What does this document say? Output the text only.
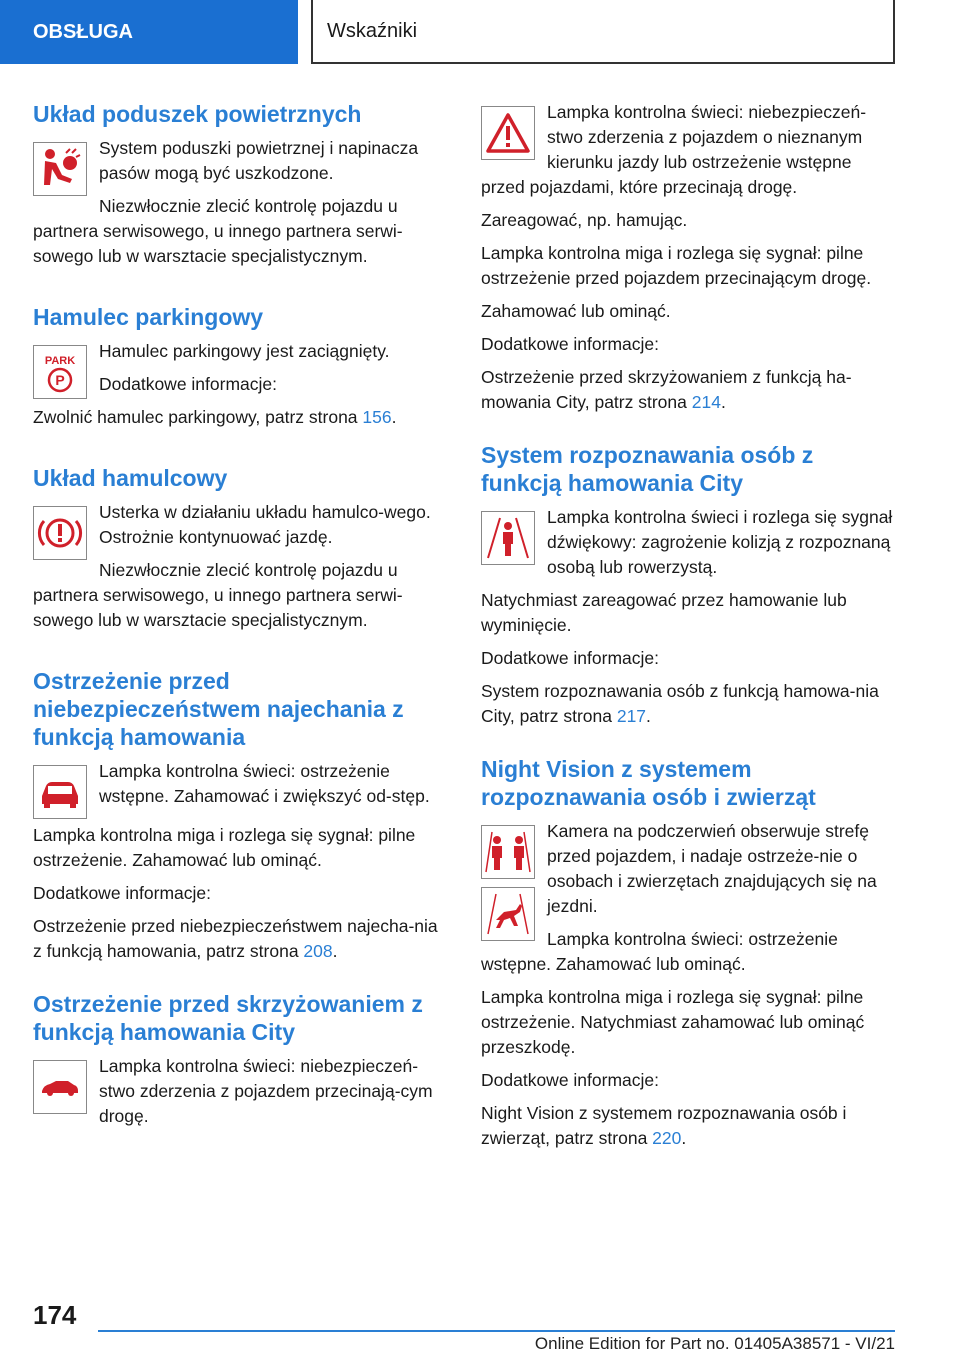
OBSŁUGA	Wskaźniki
Układ poduszek powietrznych

System poduszki powietrznej i napinacza pasów mogą być uszkodzone.

Niezwłocznie zlecić kontrolę pojazdu u partnera serwisowego, u innego partnera serwi-sowego lub w warsztacie specjalistycznym.

Hamulec parkingowy
PARK
P

Hamulec parkingowy jest zaciągnięty.

Dodatkowe informacje:

Zwolnić hamulec parkingowy, patrz strona 156.

Układ hamulcowy

Usterka w działaniu układu hamulco-wego. Ostrożnie kontynuować jazdę.

Niezwłocznie zlecić kontrolę pojazdu u partnera serwisowego, u innego partnera serwi-sowego lub w warsztacie specjalistycznym.

Ostrzeżenie przed niebezpieczeństwem najechania z funkcją hamowania

Lampka kontrolna świeci: ostrzeżenie wstępne. Zahamować i zwiększyć od-stęp.

Lampka kontrolna miga i rozlega się sygnał: pilne ostrzeżenie. Zahamować lub ominąć.

Dodatkowe informacje:

Ostrzeżenie przed niebezpieczeństwem najecha-nia z funkcją hamowania, patrz strona 208.

Ostrzeżenie przed skrzyżowaniem z funkcją hamowania City

Lampka kontrolna świeci: niebezpieczeń-stwo zderzenia z pojazdem przecinają-cym drogę.

Lampka kontrolna świeci: niebezpieczeń-stwo zderzenia z pojazdem o nieznanym kierunku jazdy lub ostrzeżenie wstępne przed pojazdami, które przecinają drogę.

Zareagować, np. hamując.

Lampka kontrolna miga i rozlega się sygnał: pilne ostrzeżenie przed pojazdem przecinającym drogę.

Zahamować lub ominąć.

Dodatkowe informacje:

Ostrzeżenie przed skrzyżowaniem z funkcją ha-mowania City, patrz strona 214.

System rozpoznawania osób z funkcją hamowania City

Lampka kontrolna świeci i rozlega się sygnał dźwiękowy: zagrożenie kolizją z rozpoznaną osobą lub rowerzystą.

Natychmiast zareagować przez hamowanie lub wyminięcie.

Dodatkowe informacje:

System rozpoznawania osób z funkcją hamowa-nia City, patrz strona 217.

Night Vision z systemem rozpoznawania osób i zwierząt

Kamera na podczerwień obserwuje strefę przed pojazdem, i nadaje ostrzeże-nie o osobach i zwierzętach znajdujących się na jezdni.

Lampka kontrolna świeci: ostrzeżenie wstępne. Zahamować lub ominąć.

Lampka kontrolna miga i rozlega się sygnał: pilne ostrzeżenie. Natychmiast zahamować lub ominąć przeszkodę.

Dodatkowe informacje:

Night Vision z systemem rozpoznawania osób i zwierząt, patrz strona 220.

174
Online Edition for Part no. 01405A38571 - VI/21
